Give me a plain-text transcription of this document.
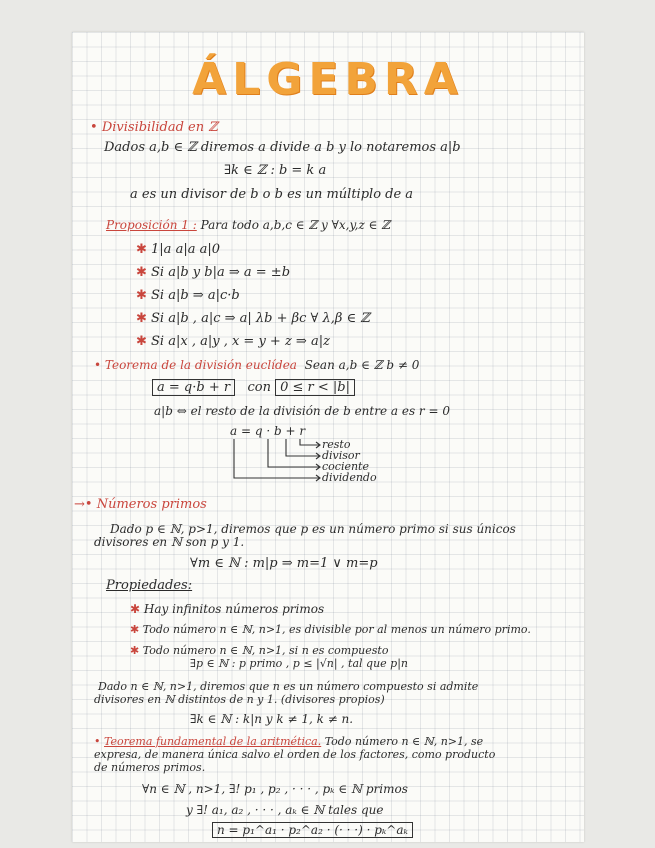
ÁLGEBRA
• Divisibilidad en ℤ
Dados a,b ∈ ℤ diremos a divide a b y lo notaremos a|b
∃k ∈ ℤ : b = k a
a es un divisor de b o b es un múltiplo de a
Proposición 1 : Para todo a,b,c ∈ ℤ y ∀x,y,z ∈ ℤ
✱ 1|a a|a a|0
✱ Si a|b y b|a ⇒ a = ±b
✱ Si a|b ⇒ a|c·b
✱ Si a|b , a|c ⇒ a| λb + βc ∀ λ,β ∈ ℤ
✱ Si a|x , a|y , x = y + z ⇒ a|z
• Teorema de la división euclídea Sean a,b ∈ ℤ b ≠ 0
a = q·b + r con 0 ≤ r < |b|
a|b ⇔ el resto de la división de b entre a es r = 0
a = q · b + r
resto
divisor
cociente
dividendo
→• Números primos
Dado p ∈ ℕ, p>1, diremos que p es un número primo si sus únicos
divisores en ℕ son p y 1.
∀m ∈ ℕ : m|p ⇒ m=1 ∨ m=p
Propiedades:
✱ Hay infinitos números primos
✱ Todo número n ∈ ℕ, n>1, es divisible por al menos un número primo.
✱ Todo número n ∈ ℕ, n>1, si n es compuesto
∃p ∈ ℕ : p primo , p ≤ |√n| , tal que p|n
Dado n ∈ ℕ, n>1, diremos que n es un número compuesto si admite
divisores en ℕ distintos de n y 1. (divisores propios)
∃k ∈ ℕ : k|n y k ≠ 1, k ≠ n.
• Teorema fundamental de la aritmética. Todo número n ∈ ℕ, n>1, se
expresa, de manera única salvo el orden de los factores, como producto
de números primos.
∀n ∈ ℕ , n>1, ∃! p₁ , p₂ , · · · , pₖ ∈ ℕ primos
y ∃! a₁, a₂ , · · · , aₖ ∈ ℕ tales que
n = p₁^a₁ · p₂^a₂ · (· · ·) · pₖ^aₖ
